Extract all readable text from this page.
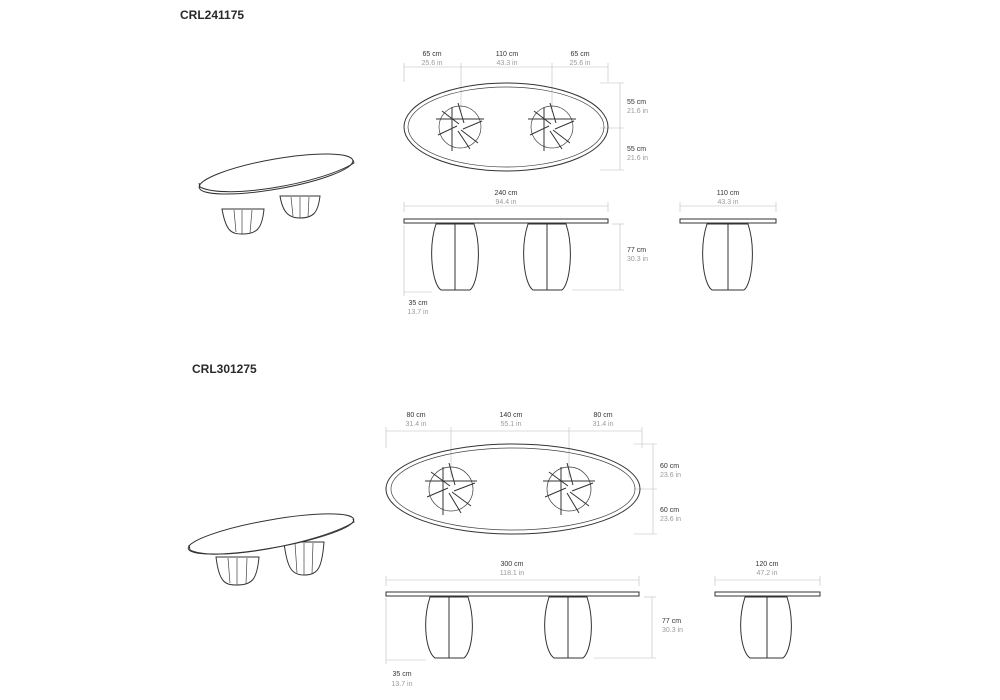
CRL241175
65 cm
25.6 in
110 cm
43.3 in
65 cm
25.6 in
55 cm
21.6 in
55 cm
21.6 in
240 cm
94.4 in
77 cm
30.3 in
35 cm
13.7 in
110 cm
43.3 in
CRL301275
80 cm
31.4 in
140 cm
55.1 in
80 cm
31.4 in
60 cm
23.6 in
60 cm
23.6 in
300 cm
118.1 in
77 cm
30.3 in
35 cm
13.7 in
120 cm
47.2 in
